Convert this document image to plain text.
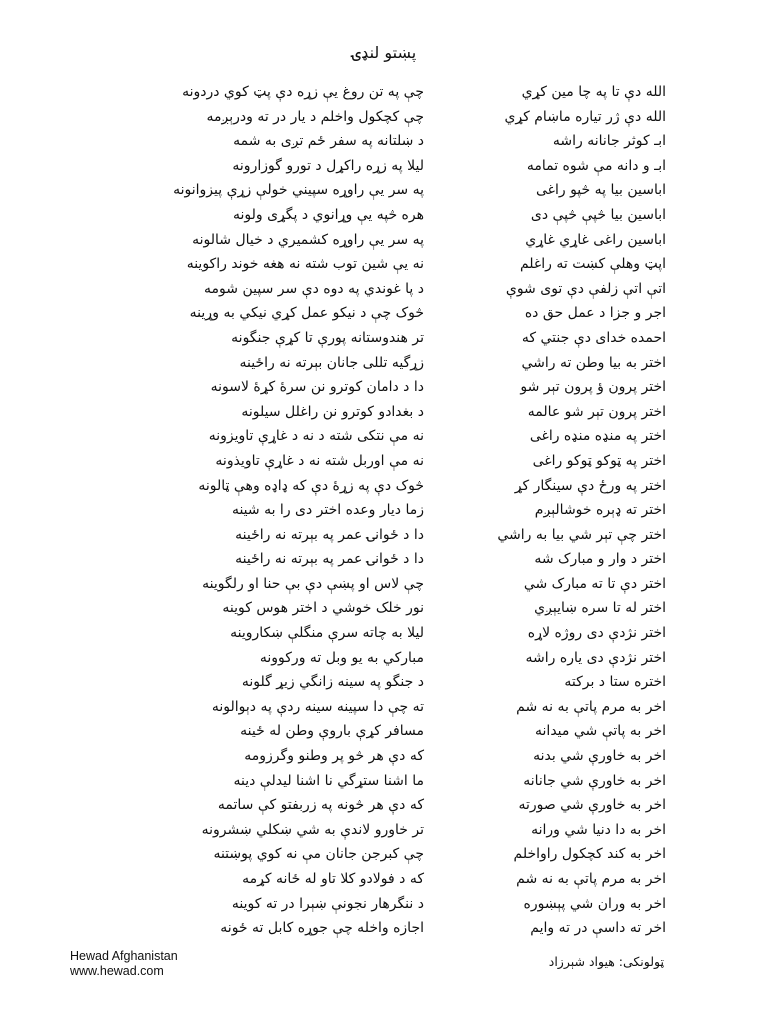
پښتو لنډۍ
الله دې تا په چا مین کړي
چې په تن روغ یې زړه دې پټ کوي دردونه
الله دې ژر تیاره ماښام کړي
چې کچکول واخلم د یار در ته ودرېږمه
ابـ کوثر جانانه راشه
د ښلتانه په سفر ځم تږی به شمه
ابـ و دانه مې شوه تمامه
لیلا په زړه راکړل د تورو گوزارونه
اباسین بیا په څپو راغی
په سر یې راوړه سپیني خولې زړې پیزوانونه
اباسین بیا څپې څپې دی
هره څپه یې وړانوي د پگړی ولونه
اباسین راغی غاړي غاړي
په سر یې راوړه کشمیري د خیال شالونه
اپټ وهلې کښت ته راغلم
نه یې شین توب شته نه هغه خوند راکوینه
اتې اتې زلفې دې توی شوې
د پا غوندي په دوه دې سر سپین شومه
اجر و جزا د عمل حق ده
څوک چې د نیکو عمل کړي نیکي به وړینه
احمده خدای دې جنتي که
تر هندوستانه پورې تا کړې جنگونه
اختر به بیا وطن ته راشي
زړگیه تللی جانان بېرته نه راځینه
اختر پرون ؤ پرون تېر شو
دا د دامان کوترو نن سرۀ کړۀ لاسونه
اختر پرون تېر شو عالمه
د بغدادو کوترو نن راغلل سیلونه
اختر په منډه منډه راغی
نه مې نتکی شته د نه د غاړې تاویزونه
اختر په ټوکو ټوکو راغی
نه مې اوربل شته نه د غاړې تاویذونه
اختر په ورځ دې سینگار کړ
څوک دې په زړۀ دې که ډاډه وهې ټالونه
اختر ته ډېره خوشالېږم
زما دیار وعده اختر دی را به شینه
اختر چې تېر شي بیا به راشي
دا د ځوانۍ عمر په بېرته نه راځینه
اختر د وار و مبارک شه
دا د ځوانۍ عمر په بېرته نه راځینه
اختر دې تا ته مبارک شي
چې لاس او پښې دې بې حنا او رلگوینه
اختر له تا سره ښایېږي
نور خلک خوشي د اختر هوس کوینه
اختر نژدې دی روژه لاړه
لیلا به چاته سرې منگلې ښکاروینه
اختر نژدې دی یاره راشه
مبارکي به یو وبل ته ورکوونه
اختره ستا د برکته
د جنگو په سینه زانگي زیړ گلونه
اخر به مرم پاتې به نه شم
ته چې دا سپینه سینه ردې په دېوالونه
اخر به پاتې شي میدانه
مسافر کړې باروې وطن له ځینه
اخر به خاورې شي بدنه
که دې هر څو پر وطنو وگرزومه
اخر به خاورې شي جانانه
ما اشنا ستړگي نا اشنا لیدلې دینه
اخر به خاورې شي صورته
که دې هر څونه په زربفتو کې ساتمه
اخر به دا دنیا شي ورانه
تر خاورو لاندې به شي ښکلي ښشرونه
اخر به کند کچکول راواخلم
چې کبرجن جانان مې نه کوي پوښتنه
اخر به مرم پاتې به نه شم
که د فولادو کلا تاو له ځانه کړمه
اخر به وران شي پېښوره
د ننگرهار نجونې ښېرا در ته کوینه
اخر ته داسې در ته وایم
اجازه واخله چې جوړه کابل ته ځونه
Hewad Afghanistan
www.hewad.com
ټولونکی: هیواد شېرزاد
